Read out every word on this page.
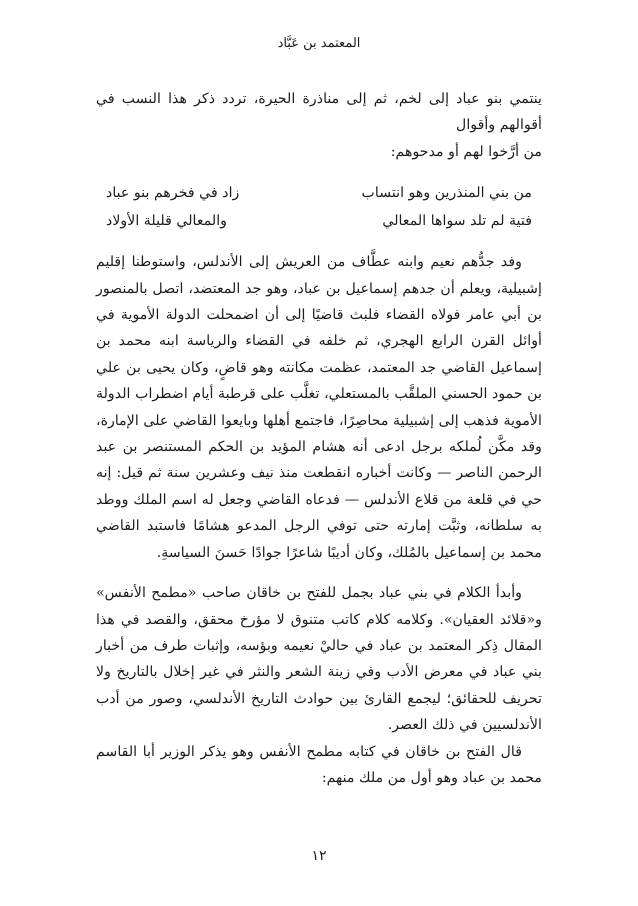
المعتمد بن عَبَّاد

ينتمي بنو عباد إلى لخم، ثم إلى مناذرة الحيرة، تردد ذكر هذا النسب في أقوالهم وأقوال
من أرَّخوا لهم أو مدحوهم:

من بني المنذرين وهو انتساب
زاد في فخرهم بنو عباد
فتية لم تلد سواها المعالي
والمعالي قليلة الأولاد

وفد جدُّهم نعيم وابنه عطَّاف من العريش إلى الأندلس، واستوطنا إقليم إشبيلية، ويعلم أن جدهم إسماعيل بن عباد، وهو جد المعتضد، اتصل بالمنصور بن أبي عامر فولاه القضاء فلبث قاضيًا إلى أن اضمحلت الدولة الأموية في أوائل القرن الرابع الهجري، ثم خلفه في القضاء والرياسة ابنه محمد بن إسماعيل القاضي جد المعتمد، عظمت مكانته وهو قاضٍ، وكان يحيى بن علي بن حمود الحسني الملقَّب بالمستعلي، تغلَّب على قرطبة أيام اضطراب الدولة الأموية فذهب إلى إشبيلية محاصِرًا، فاجتمع أهلها وبايعوا القاضي على الإمارة، وقد مكَّن لُملكه برجل ادعى أنه هشام المؤيد بن الحكم المستنصر بن عبد الرحمن الناصر — وكانت أخباره انقطعت منذ نيف وعشرين سنة ثم قيل: إنه حي في قلعة من قلاع الأندلس — فدعاه القاضي وجعل له اسم الملك ووطد به سلطانه، وثبَّت إمارته حتى توفي الرجل المدعو هشامًا فاستبد القاضي محمد بن إسماعيل بالمُلك، وكان أديبًا شاعرًا جوادًا حَسنَ السياسةِ.

وأبدأ الكلام في بني عباد بجمل للفتح بن خاقان صاحب «مطمح الأنفس» و«قلائد العقيان». وكلامه كلام كاتب متنوق لا مؤرخ محقق، والقصد في هذا المقال ذِكر المعتمد بن عباد في حاليْ نعيمه وبؤسه، وإثبات طرف من أخبار بني عباد في معرض الأدب وفي زينة الشعر والنثر في غير إخلال بالتاريخ ولا تحريف للحقائق؛ ليجمع القارئ بين حوادث التاريخ الأندلسي، وصور من أدب الأندلسيين في ذلك العصر.

قال الفتح بن خاقان في كتابه مطمح الأنفس وهو يذكر الوزير أبا القاسم محمد بن عباد وهو أول من ملك منهم:

١٢
